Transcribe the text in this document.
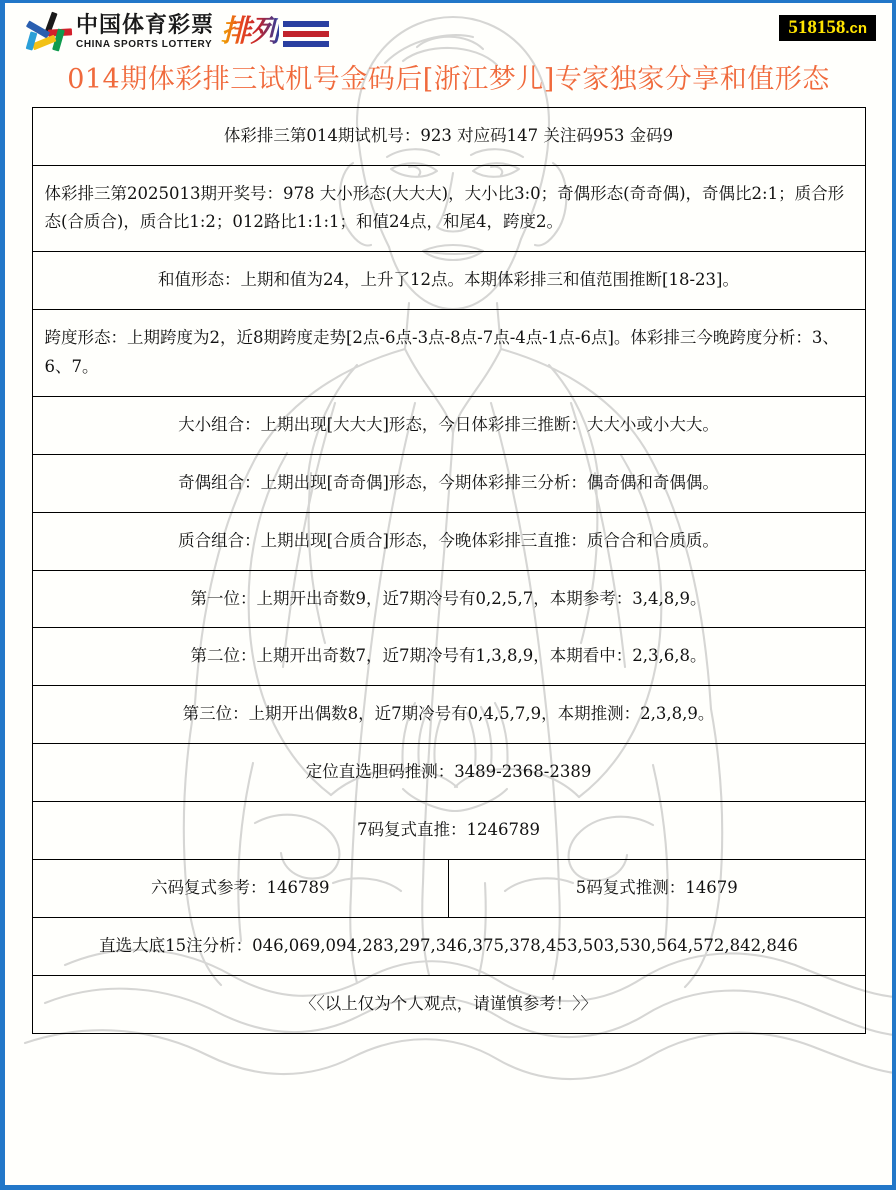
中国体育彩票
CHINA SPORTS LOTTERY 排列	518158.cn
014期体彩排三试机号金码后[浙江梦儿]专家独家分享和值形态
体彩排三第014期试机号：923 对应码147 关注码953 金码9
体彩排三第2025013期开奖号：978 大小形态(大大大)，大小比3:0；奇偶形态(奇奇偶)，奇偶比2:1；质合形态(合质合)，质合比1:2；012路比1:1:1；和值24点，和尾4，跨度2。
和值形态：上期和值为24，上升了12点。本期体彩排三和值范围推断[18-23]。
跨度形态：上期跨度为2，近8期跨度走势[2点-6点-3点-8点-7点-4点-1点-6点]。体彩排三今晚跨度分析：3、6、7。
大小组合：上期出现[大大大]形态，今日体彩排三推断：大大小或小大大。
奇偶组合：上期出现[奇奇偶]形态，今期体彩排三分析：偶奇偶和奇偶偶。
质合组合：上期出现[合质合]形态，今晚体彩排三直推：质合合和合质质。
第一位：上期开出奇数9，近7期冷号有0,2,5,7，本期参考：3,4,8,9。
第二位：上期开出奇数7，近7期冷号有1,3,8,9，本期看中：2,3,6,8。
第三位：上期开出偶数8，近7期冷号有0,4,5,7,9，本期推测：2,3,8,9。
定位直选胆码推测：3489-2368-2389
7码复式直推：1246789
六码复式参考：146789	5码复式推测：14679
直选大底15注分析：046,069,094,283,297,346,375,378,453,503,530,564,572,842,846
〈〈以上仅为个人观点，请谨慎参考！〉〉
